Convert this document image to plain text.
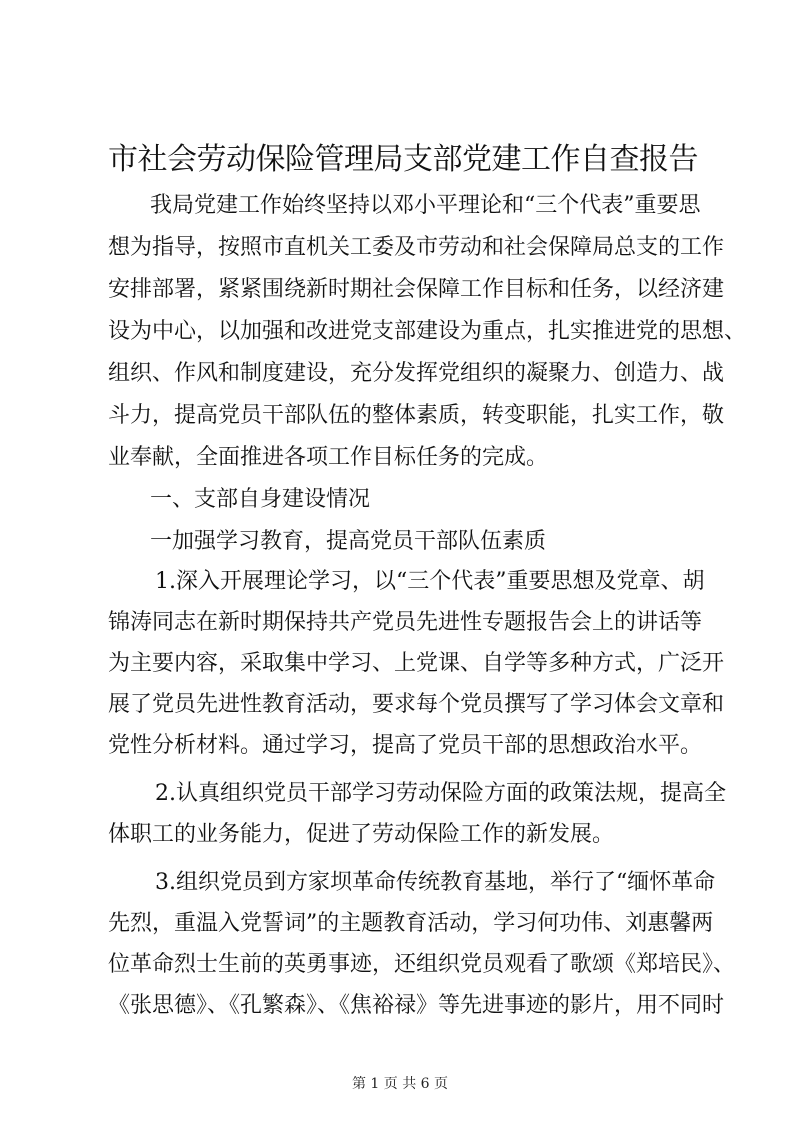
市社会劳动保险管理局支部党建工作自查报告
我局党建工作始终坚持以邓小平理论和“三个代表”重要思
想为指导，按照市直机关工委及市劳动和社会保障局总支的工作
安排部署，紧紧围绕新时期社会保障工作目标和任务，以经济建
设为中心，以加强和改进党支部建设为重点，扎实推进党的思想、
组织、作风和制度建设，充分发挥党组织的凝聚力、创造力、战
斗力，提高党员干部队伍的整体素质，转变职能，扎实工作，敬
业奉献，全面推进各项工作目标任务的完成。
一、支部自身建设情况
一加强学习教育，提高党员干部队伍素质
1.深入开展理论学习，以“三个代表”重要思想及党章、胡
锦涛同志在新时期保持共产党员先进性专题报告会上的讲话等
为主要内容，采取集中学习、上党课、自学等多种方式，广泛开
展了党员先进性教育活动，要求每个党员撰写了学习体会文章和
党性分析材料。通过学习，提高了党员干部的思想政治水平。
2.认真组织党员干部学习劳动保险方面的政策法规，提高全
体职工的业务能力，促进了劳动保险工作的新发展。
3.组织党员到方家坝革命传统教育基地，举行了“缅怀革命
先烈，重温入党誓词”的主题教育活动，学习何功伟、刘惠馨两
位革命烈士生前的英勇事迹，还组织党员观看了歌颂《郑培民》、
《张思德》、《孔繁森》、《焦裕禄》等先进事迹的影片，用不同时
第 1 页 共 6 页
